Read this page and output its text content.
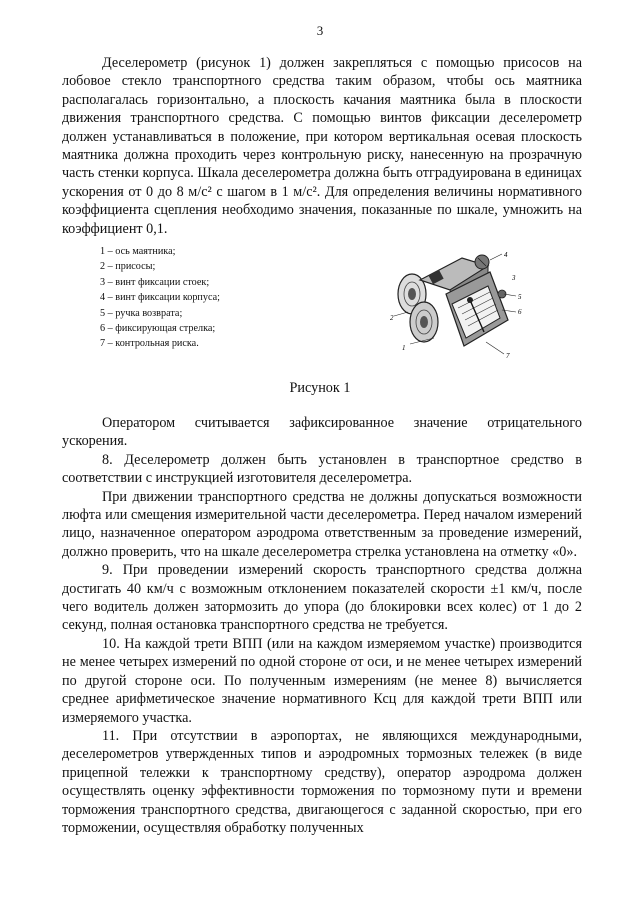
3

Деселерометр (рисунок 1) должен закрепляться с помощью присосов на лобовое стекло транспортного средства таким образом, чтобы ось маятника располагалась горизонтально, а плоскость качания маятника была в плоскости движения транспортного средства. С помощью винтов фиксации деселерометр должен устанавливаться в положение, при котором вертикальная осевая плоскость маятника должна проходить через контрольную риску, нанесенную на прозрачную часть стенки корпуса. Шкала деселерометра должна быть отградуирована в единицах ускорения от 0 до 8 м/с² с шагом в 1 м/с². Для определения величины нормативного коэффициента сцепления необходимо значения, показанные по шкале, умножить на коэффициент 0,1.

1 – ось маятника;
2 – присосы;
3 – винт фиксации стоек;
4 – винт фиксации корпуса;
5 – ручка возврата;
6 – фиксирующая стрелка;
7 – контрольная риска.
2
1
4
5
6
7
3
Рисунок 1

Оператором считывается зафиксированное значение отрицательного ускорения.

8. Деселерометр должен быть установлен в транспортное средство в соответствии с инструкцией изготовителя деселерометра.

При движении транспортного средства не должны допускаться возможности люфта или смещения измерительной части деселерометра. Перед началом измерений лицо, назначенное оператором аэродрома ответственным за проведение измерений, должно проверить, что на шкале деселерометра стрелка установлена на отметку «0».

9. При проведении измерений скорость транспортного средства должна достигать 40 км/ч с возможным отклонением показателей скорости ±1 км/ч, после чего водитель должен затормозить до упора (до блокировки всех колес) от 1 до 2 секунд, полная остановка транспортного средства не требуется.

10. На каждой трети ВПП (или на каждом измеряемом участке) производится не менее четырех измерений по одной стороне от оси, и не менее четырех измерений по другой стороне оси. По полученным измерениям (не менее 8) вычисляется среднее арифметическое значение нормативного Ксц для каждой трети ВПП или измеряемого участка.

11. При отсутствии в аэропортах, не являющихся международными, деселерометров утвержденных типов и аэродромных тормозных тележек (в виде прицепной тележки к транспортному средству), оператор аэродрома должен осуществлять оценку эффективности торможения по тормозному пути и времени торможения транспортного средства, двигающегося с заданной скоростью, при его торможении, осуществляя обработку полученных
